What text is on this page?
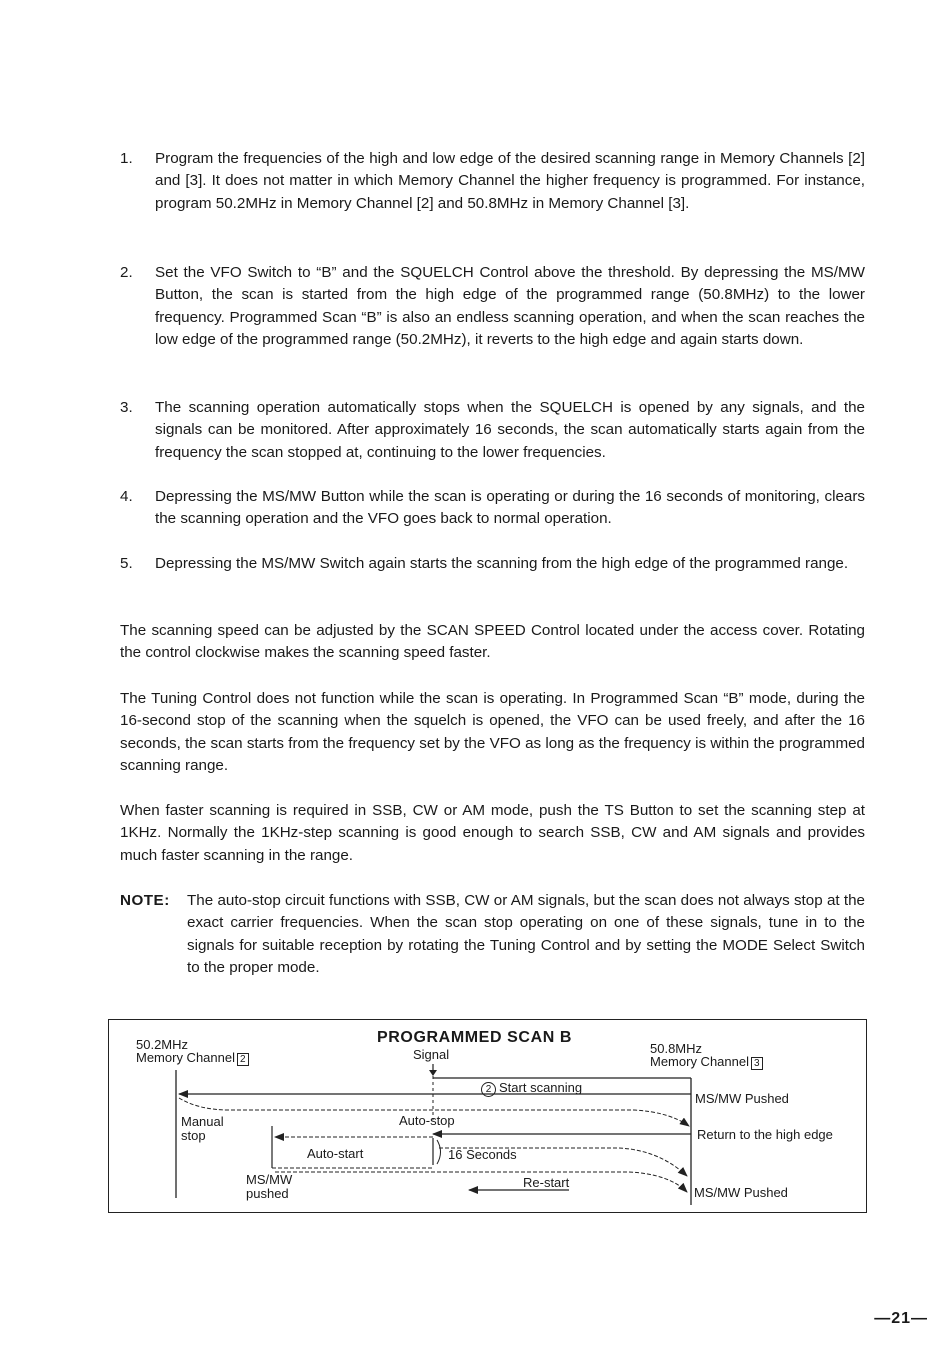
1.	Program the frequencies of the high and low edge of the desired scanning range in Memory Channels [2] and [3]. It does not matter in which Memory Channel the higher frequency is programmed. For instance, program 50.2MHz in Memory Channel [2] and 50.8MHz in Memory Channel [3].
2.	Set the VFO Switch to “B” and the SQUELCH Control above the threshold. By depressing the MS/MW Button, the scan is started from the high edge of the programmed range (50.8MHz) to the lower frequency. Programmed Scan “B” is also an endless scanning operation, and when the scan reaches the low edge of the programmed range (50.2MHz), it reverts to the high edge and again starts down.
3.	The scanning operation automatically stops when the SQUELCH is opened by any signals, and the signals can be monitored. After approximately 16 seconds, the scan automatically starts again from the frequency the scan stopped at, continuing to the lower frequencies.
4.	Depressing the MS/MW Button while the scan is operating or during the 16 seconds of monitoring, clears the scanning operation and the VFO goes back to normal operation.
5.	Depressing the MS/MW Switch again starts the scanning from the high edge of the programmed range.
The scanning speed can be adjusted by the SCAN SPEED Control located under the access cover. Rotating the control clockwise makes the scanning speed faster.
The Tuning Control does not function while the scan is operating. In Programmed Scan “B” mode, during the 16-second stop of the scanning when the squelch is opened, the VFO can be used freely, and after the 16 seconds, the scan starts from the frequency set by the VFO as long as the frequency is within the programmed scanning range.
When faster scanning is required in SSB, CW or AM mode, push the TS Button to set the scanning step at 1KHz. Normally the 1KHz-step scanning is good enough to search SSB, CW and AM signals and provides much faster scanning in the range.
NOTE: The auto-stop circuit functions with SSB, CW or AM signals, but the scan does not always stop at the exact carrier frequencies. When the scan stop operating on one of these signals, tune in to the signals for suitable reception by rotating the Tuning Control and by setting the MODE Select Switch to the proper mode.
50.2MHz
Memory Channel 2
PROGRAMMED SCAN B
Signal	50.8MHz
Memory Channel 3
2 Start scanning
MS/MW Pushed
Manual
stop
Auto-stop
Return to the high edge
Auto-start	16 Seconds
MS/MW
pushed
Re-start
MS/MW Pushed
—21—
